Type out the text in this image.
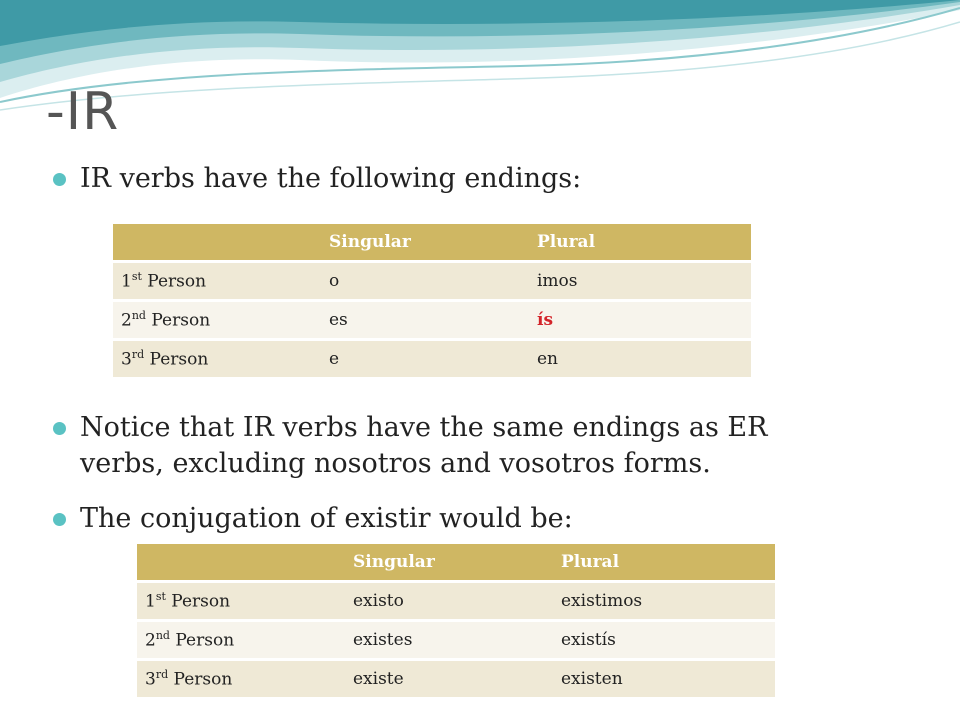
-IR
IR verbs have the following endings:
	Singular	Plural
1st Person	o	imos
2nd Person	es	ís
3rd Person	e	en
Notice that IR verbs have the same endings as ER verbs, excluding nosotros and vosotros forms.
The conjugation of existir would be:
	Singular	Plural
1st Person	existo	existimos
2nd Person	existes	existís
3rd Person	existe	existen
